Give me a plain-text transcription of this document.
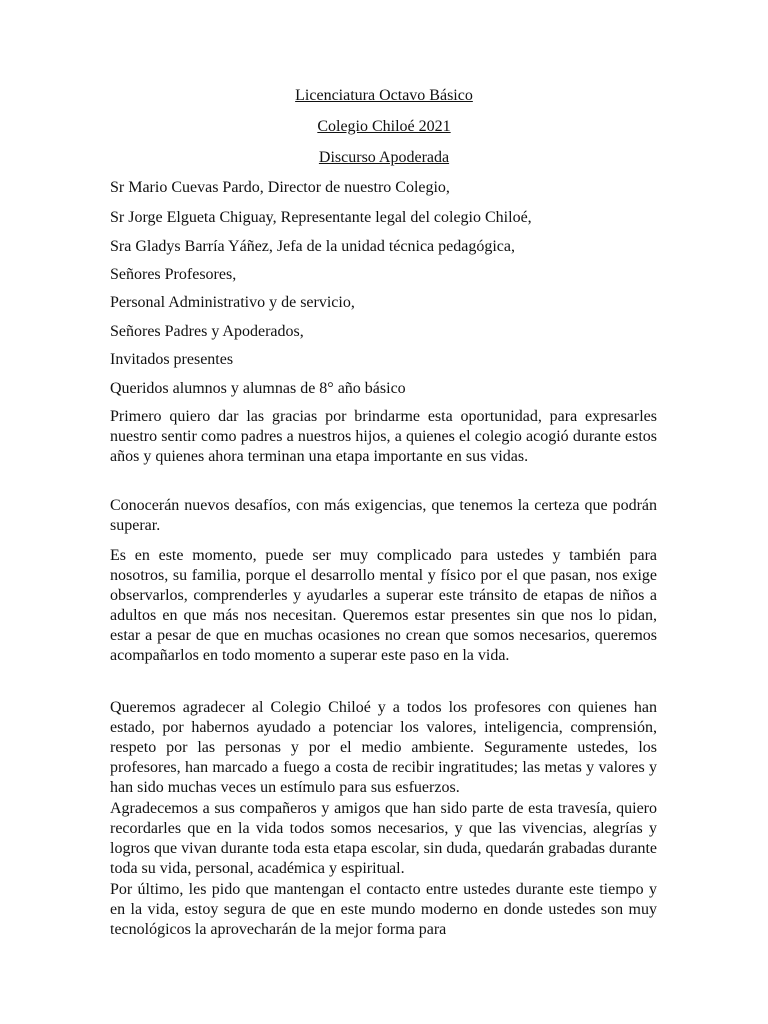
Licenciatura Octavo Básico
Colegio Chiloé 2021
Discurso Apoderada
Sr Mario Cuevas Pardo, Director de nuestro Colegio,
Sr Jorge Elgueta Chiguay, Representante legal del colegio Chiloé,
Sra Gladys Barría Yáñez, Jefa de la unidad técnica pedagógica,
Señores Profesores,
Personal Administrativo y de servicio,
Señores Padres y Apoderados,
Invitados presentes
Queridos alumnos y alumnas de 8° año básico
Primero quiero dar las gracias por brindarme esta oportunidad, para expresarles nuestro sentir como padres a nuestros hijos, a quienes el colegio acogió durante estos años y quienes ahora terminan una etapa importante en sus vidas.
Conocerán nuevos desafíos, con más exigencias, que tenemos la certeza que podrán superar.
Es en este momento, puede ser muy complicado para ustedes y también para nosotros, su familia, porque el desarrollo mental y físico por el que pasan, nos exige observarlos, comprenderles y ayudarles a superar este tránsito de etapas de niños a adultos en que más nos necesitan. Queremos estar presentes sin que nos lo pidan, estar a pesar de que en muchas ocasiones no crean que somos necesarios, queremos acompañarlos en todo momento a superar este paso en la vida.
Queremos agradecer al Colegio Chiloé y a todos los profesores con quienes han estado, por habernos ayudado a potenciar los valores, inteligencia, comprensión, respeto por las personas y por el medio ambiente. Seguramente ustedes, los profesores, han marcado a fuego a costa de recibir ingratitudes; las metas y valores y han sido muchas veces un estímulo para sus esfuerzos.
Agradecemos a sus compañeros y amigos que han sido parte de esta travesía, quiero recordarles que en la vida todos somos necesarios, y que las vivencias, alegrías y logros que vivan durante toda esta etapa escolar, sin duda, quedarán grabadas durante toda su vida, personal, académica y espiritual.
Por último, les pido que mantengan el contacto entre ustedes durante este tiempo y en la vida, estoy segura de que en este mundo moderno en donde ustedes son muy tecnológicos la aprovecharán de la mejor forma para
